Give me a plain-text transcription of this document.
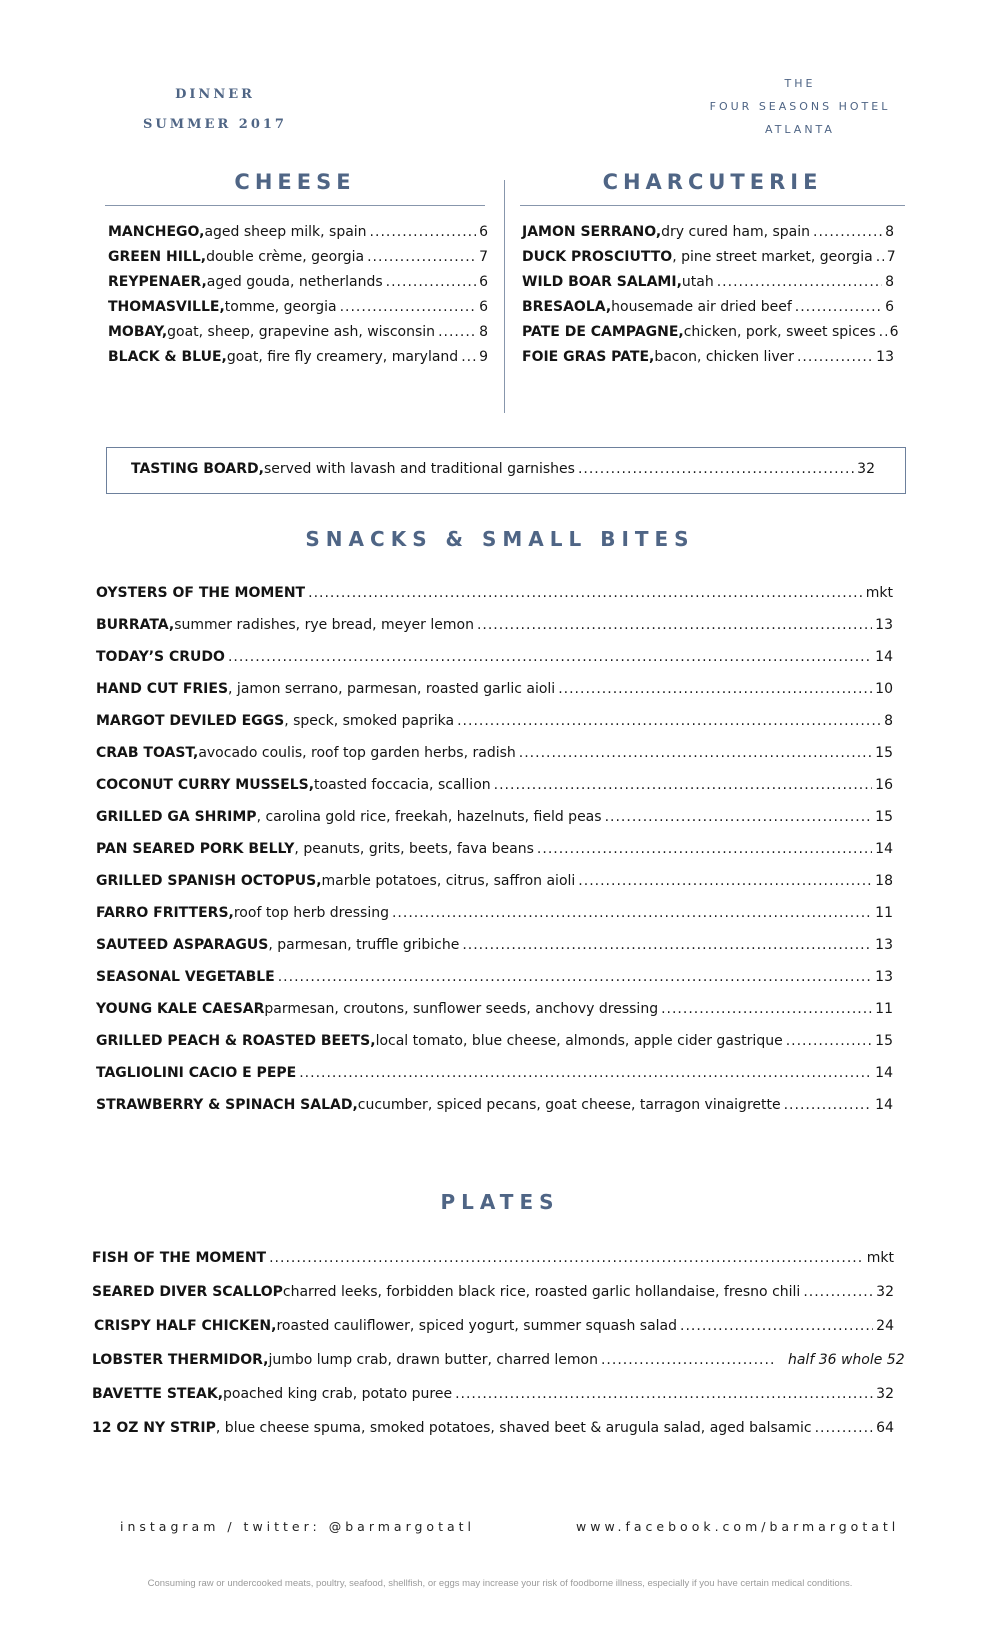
DINNER
SUMMER 2017
THE
FOUR SEASONS HOTEL
ATLANTA
CHEESE
MANCHEGO, aged sheep milk, spain .....	6
GREEN HILL, double crème, georgia .....	7
REYPENAER, aged gouda, netherlands .....	6
THOMASVILLE, tomme, georgia .....	6
MOBAY, goat, sheep, grapevine ash, wisconsin .....	8
BLACK & BLUE, goat, fire fly creamery, maryland ..... 9
CHARCUTERIE
JAMON SERRANO, dry cured ham, spain .....	8
DUCK PROSCIUTTO , pine street market, georgia ..... 7
WILD BOAR SALAMI, utah .....	8
BRESAOLA, housemade air dried beef .....	6
PATE DE CAMPAGNE, chicken, pork, sweet spices ..... 6
FOIE GRAS PATE, bacon, chicken liver .....	13
TASTING BOARD, served with lavash and traditional garnishes .....	32
SNACKS & SMALL BITES
OYSTERS OF THE MOMENT .....	mkt
BURRATA, summer radishes, rye bread, meyer lemon .....	13
TODAY’S CRUDO .....	14
HAND CUT FRIES , jamon serrano, parmesan, roasted garlic aioli .....	10
MARGOT DEVILED EGGS , speck, smoked paprika .....	8
CRAB TOAST, avocado coulis, roof top garden herbs, radish .....	15
COCONUT CURRY MUSSELS, toasted foccacia, scallion .....	16
GRILLED GA SHRIMP , carolina gold rice, freekah, hazelnuts, field peas .....	15
PAN SEARED PORK BELLY , peanuts, grits, beets, fava beans .....	14
GRILLED SPANISH OCTOPUS, marble potatoes, citrus, saffron aioli .....	18
FARRO FRITTERS, roof top herb dressing .....	11
SAUTEED ASPARAGUS , parmesan, truffle gribiche .....	13
SEASONAL VEGETABLE .....	13
YOUNG KALE CAESAR parmesan, croutons, sunflower seeds, anchovy dressing .....	11
GRILLED PEACH & ROASTED BEETS, local tomato, blue cheese, almonds, apple cider gastrique .....	15
TAGLIOLINI CACIO E PEPE .....	14
STRAWBERRY & SPINACH SALAD, cucumber, spiced pecans, goat cheese, tarragon vinaigrette .....	14
PLATES
FISH OF THE MOMENT .....	mkt
SEARED DIVER SCALLOP charred leeks, forbidden black rice, roasted garlic hollandaise, fresno chili .....	32
CRISPY HALF CHICKEN, roasted cauliflower, spiced yogurt, summer squash salad .....	24
LOBSTER THERMIDOR, jumbo lump crab, drawn butter, charred lemon .....	half 36 whole 52
BAVETTE STEAK, poached king crab, potato puree .....	32
12 OZ NY STRIP , blue cheese spuma, smoked potatoes, shaved beet & arugula salad, aged balsamic .....	64
instagram / twitter: @barmargotatl	www.facebook.com/barmargotatl
Consuming raw or undercooked meats, poultry, seafood, shellfish, or eggs may increase your risk of foodborne illness, especially if you have certain medical conditions.
